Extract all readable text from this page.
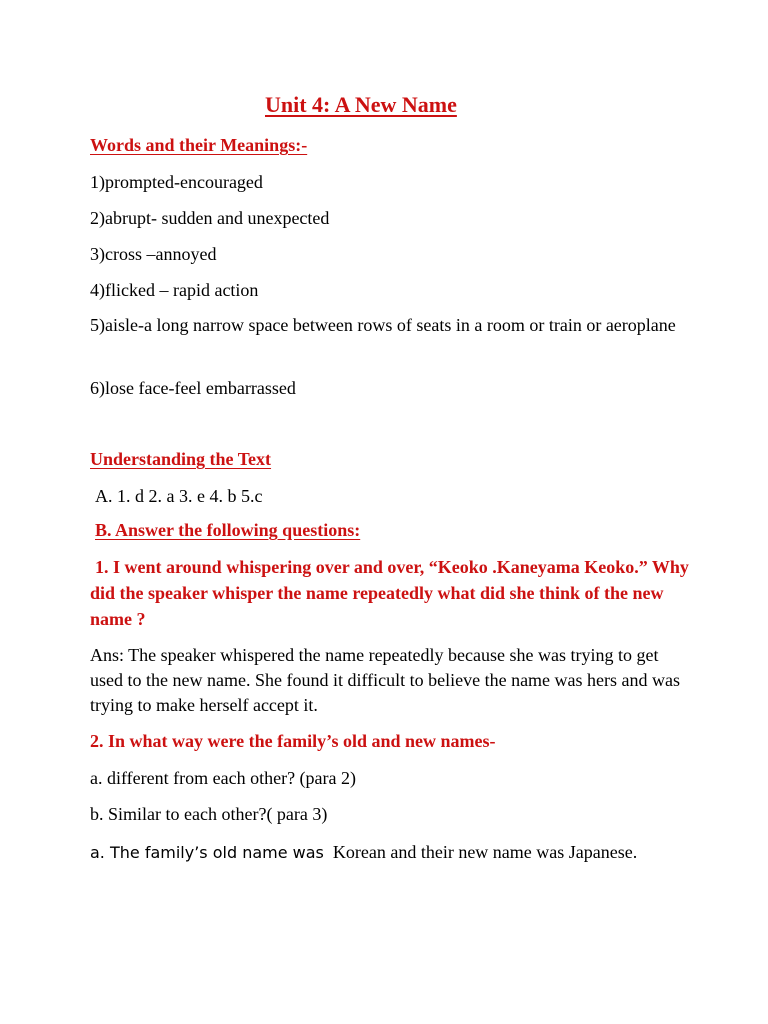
Unit 4: A New Name

Words and their Meanings:-

1)prompted-encouraged

2)abrupt- sudden and unexpected

3)cross –annoyed

4)flicked – rapid action

5)aisle-a long narrow space between rows of seats in a room or train or aeroplane

6)lose face-feel embarrassed

Understanding the Text

A. 1. d 2. a 3. e 4. b 5.c

B. Answer the following questions:

1. I went around whispering over and over, “Keoko .Kaneyama Keoko.” Why did the speaker whisper the name repeatedly what did she think of the new name ?

Ans: The speaker whispered the name repeatedly because she was trying to get used to the new name. She found it difficult to believe the name was hers and was trying to make herself accept it.

2. In what way were the family’s old and new names-

a. different from each other? (para 2)

b. Similar to each other?( para 3)

a. The family’s old name was  Korean and their new name was Japanese.
